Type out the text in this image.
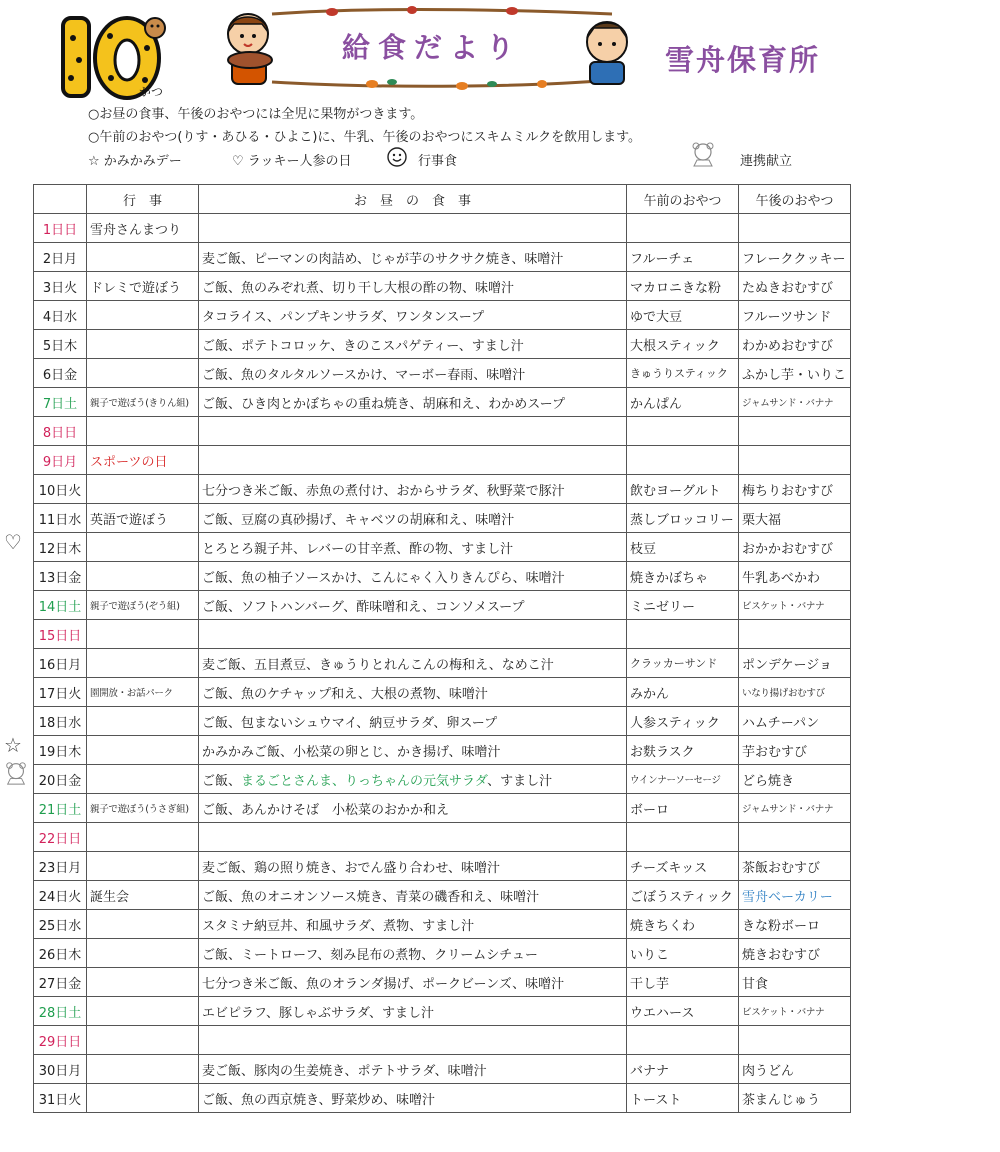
がつ
給食だより	雪舟保育所
○お昼の食事、午後のおやつには全児に果物がつきます。
○午前のおやつ(りす・あひる・ひよこ)に、牛乳、午後のおやつにスキムミルクを飲用します。
☆ かみかみデー	♡ ラッキー人参の日	行事食	連携献立
♡
☆
	行　事	お　昼　の　食　事	午前のおやつ	午後のおやつ
1日日	雪舟さんまつり			
2日月		麦ご飯、ピーマンの肉詰め、じゃが芋のサクサク焼き、味噌汁	フルーチェ	フレーククッキー
3日火	ドレミで遊ぼう	ご飯、魚のみぞれ煮、切り干し大根の酢の物、味噌汁	マカロニきな粉	たぬきおむすび
4日水		タコライス、パンプキンサラダ、ワンタンスープ	ゆで大豆	フルーツサンド
5日木		ご飯、ポテトコロッケ、きのこスパゲティー、すまし汁	大根スティック	わかめおむすび
6日金		ご飯、魚のタルタルソースかけ、マーボー春雨、味噌汁	きゅうりスティック	ふかし芋・いりこ
7日土	親子で遊ぼう(きりん組)	ご飯、ひき肉とかぼちゃの重ね焼き、胡麻和え、わかめスープ	かんぱん	ジャムサンド・バナナ
8日日				
9日月	スポーツの日			
10日火		七分つき米ご飯、赤魚の煮付け、おからサラダ、秋野菜で豚汁	飲むヨーグルト	梅ちりおむすび
11日水	英語で遊ぼう	ご飯、豆腐の真砂揚げ、キャベツの胡麻和え、味噌汁	蒸しブロッコリー	栗大福
12日木		とろとろ親子丼、レバーの甘辛煮、酢の物、すまし汁	枝豆	おかかおむすび
13日金		ご飯、魚の柚子ソースかけ、こんにゃく入りきんぴら、味噌汁	焼きかぼちゃ	牛乳あべかわ
14日土	親子で遊ぼう(ぞう組)	ご飯、ソフトハンバーグ、酢味噌和え、コンソメスープ	ミニゼリー	ビスケット・バナナ
15日日				
16日月		麦ご飯、五目煮豆、きゅうりとれんこんの梅和え、なめこ汁	クラッカーサンド	ポンデケージョ
17日火	園開放・お話パーク	ご飯、魚のケチャップ和え、大根の煮物、味噌汁	みかん	いなり揚げおむすび
18日水		ご飯、包まないシュウマイ、納豆サラダ、卵スープ	人参スティック	ハムチーパン
19日木		かみかみご飯、小松菜の卵とじ、かき揚げ、味噌汁	お麩ラスク	芋おむすび
20日金		ご飯、まるごとさんま、りっちゃんの元気サラダ、すまし汁	ウインナーソーセージ	どら焼き
21日土	親子で遊ぼう(うさぎ組)	ご飯、あんかけそば　小松菜のおかか和え	ボーロ	ジャムサンド・バナナ
22日日				
23日月		麦ご飯、鶏の照り焼き、おでん盛り合わせ、味噌汁	チーズキッス	茶飯おむすび
24日火	誕生会	ご飯、魚のオニオンソース焼き、青菜の磯香和え、味噌汁	ごぼうスティック	雪舟ベーカリー
25日水		スタミナ納豆丼、和風サラダ、煮物、すまし汁	焼きちくわ	きな粉ボーロ
26日木		ご飯、ミートローフ、刻み昆布の煮物、クリームシチュー	いりこ	焼きおむすび
27日金		七分つき米ご飯、魚のオランダ揚げ、ポークビーンズ、味噌汁	干し芋	甘食
28日土		エビピラフ、豚しゃぶサラダ、すまし汁	ウエハース	ビスケット・バナナ
29日日				
30日月		麦ご飯、豚肉の生姜焼き、ポテトサラダ、味噌汁	バナナ	肉うどん
31日火		ご飯、魚の西京焼き、野菜炒め、味噌汁	トースト	茶まんじゅう
